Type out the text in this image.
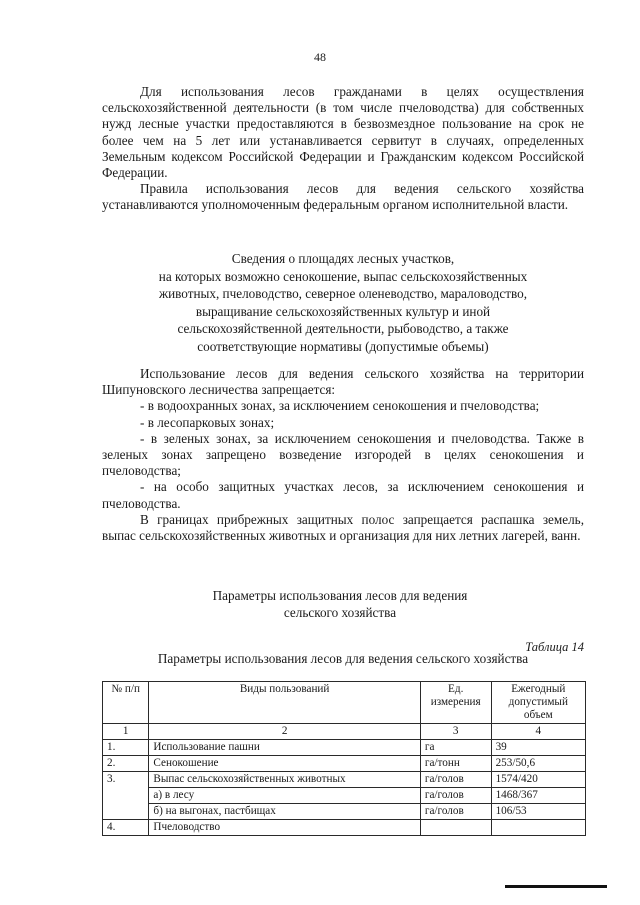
48

Для использования лесов гражданами в целях осуществления сельскохозяйственной деятельности (в том числе пчеловодства) для собственных нужд лесные участки предоставляются в безвозмездное пользование на срок не более чем на 5 лет или устанавливается сервитут в случаях, определенных Земельным кодексом Российской Федерации и Гражданским кодексом Российской Федерации.

Правила использования лесов для ведения сельского хозяйства устанавливаются уполномоченным федеральным органом исполнительной власти.

Сведения о площадях лесных участков,
на которых возможно сенокошение, выпас сельскохозяйственных
животных, пчеловодство, северное оленеводство, мараловодство,
выращивание сельскохозяйственных культур и иной
сельскохозяйственной деятельности, рыбоводство, а также
соответствующие нормативы (допустимые объемы)

Использование лесов для ведения сельского хозяйства на территории Шипуновского лесничества запрещается:

- в водоохранных зонах, за исключением сенокошения и пчеловодства;

- в лесопарковых зонах;

- в зеленых зонах, за исключением сенокошения и пчеловодства. Также в зеленых зонах запрещено возведение изгородей в целях сенокошения и пчеловодства;

- на особо защитных участках лесов, за исключением сенокошения и пчеловодства.

В границах прибрежных защитных полос запрещается распашка земель, выпас сельскохозяйственных животных и организация для них летних лагерей, ванн.

Параметры использования лесов для ведения
сельского хозяйства
Таблица 14
Параметры использования лесов для ведения сельского хозяйства
№ п/п	Виды пользований	Ед. измерения	Ежегодный допустимый объем
1	2	3	4
1.	Использование пашни	га	39
2.	Сенокошение	га/тонн	253/50,6
3.	Выпас сельскохозяйственных животных	га/голов	1574/420
	а) в лесу	га/голов	1468/367
	б) на выгонах, пастбищах	га/голов	106/53
4.	Пчеловодство		
